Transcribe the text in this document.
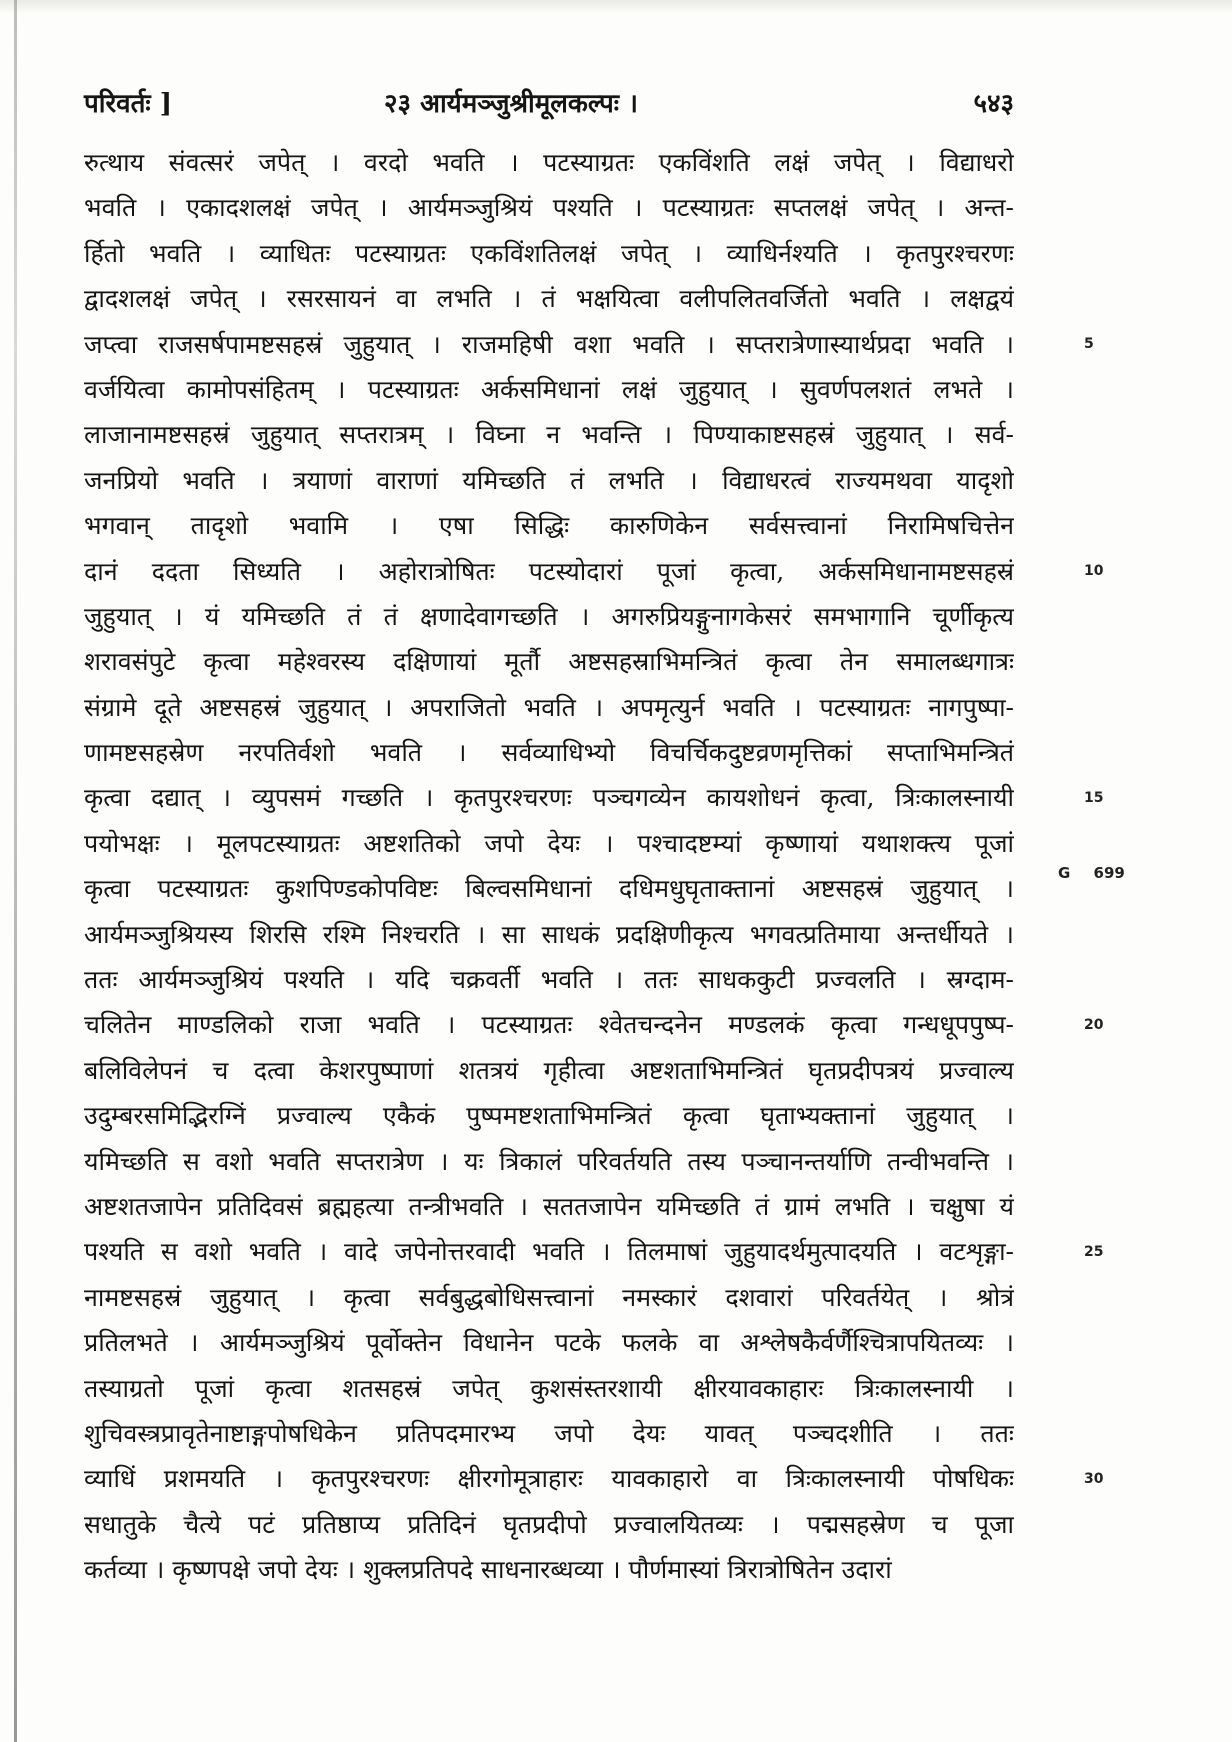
परिवर्तः ]	२३ आर्यमञ्जुश्रीमूलकल्पः ।	५४३
रुत्थाय संवत्सरं जपेत् । वरदो भवति । पटस्याग्रतः एकविंशति लक्षं जपेत् । विद्याधरो
भवति । एकादशलक्षं जपेत् । आर्यमञ्जुश्रियं पश्यति । पटस्याग्रतः सप्तलक्षं जपेत् । अन्त-
र्हितो भवति । व्याधितः पटस्याग्रतः एकविंशतिलक्षं जपेत् । व्याधिर्नश्यति । कृतपुरश्चरणः
द्वादशलक्षं जपेत् । रसरसायनं वा लभति । तं भक्षयित्वा वलीपलितवर्जितो भवति । लक्षद्वयं
जप्त्वा राजसर्षपामष्टसहस्रं जुहुयात् । राजमहिषी वशा भवति । सप्तरात्रेणास्यार्थप्रदा भवति ।
वर्जयित्वा कामोपसंहितम् । पटस्याग्रतः अर्कसमिधानां लक्षं जुहुयात् । सुवर्णपलशतं लभते ।
लाजानामष्टसहस्रं जुहुयात् सप्तरात्रम् । विघ्ना न भवन्ति । पिण्याकाष्टसहस्रं जुहुयात् । सर्व-
जनप्रियो भवति । त्रयाणां वाराणां यमिच्छति तं लभति । विद्याधरत्वं राज्यमथवा यादृशो
भगवान् तादृशो भवामि । एषा सिद्धिः कारुणिकेन सर्वसत्त्वानां निरामिषचित्तेन
दानं ददता सिध्यति । अहोरात्रोषितः पटस्योदारां पूजां कृत्वा, अर्कसमिधानामष्टसहस्रं
जुहुयात् । यं यमिच्छति तं तं क्षणादेवागच्छति । अगरुप्रियङ्गुनागकेसरं समभागानि चूर्णीकृत्य
शरावसंपुटे कृत्वा महेश्वरस्य दक्षिणायां मूर्तौ अष्टसहस्राभिमन्त्रितं कृत्वा तेन समालब्धगात्रः
संग्रामे दूते अष्टसहस्रं जुहुयात् । अपराजितो भवति । अपमृत्युर्न भवति । पटस्याग्रतः नागपुष्पा-
णामष्टसहस्रेण नरपतिर्वशो भवति । सर्वव्याधिभ्यो विचर्चिकदुष्टव्रणमृत्तिकां सप्ताभिमन्त्रितं
कृत्वा दद्यात् । व्युपसमं गच्छति । कृतपुरश्चरणः पञ्चगव्येन कायशोधनं कृत्वा, त्रिःकालस्नायी
पयोभक्षः । मूलपटस्याग्रतः अष्टशतिको जपो देयः । पश्चादष्टम्यां कृष्णायां यथाशक्त्य पूजां
कृत्वा पटस्याग्रतः कुशपिण्डकोपविष्टः बिल्वसमिधानां दधिमधुघृताक्तानां अष्टसहस्रं जुहुयात् ।
आर्यमञ्जुश्रियस्य शिरसि रश्मि निश्चरति । सा साधकं प्रदक्षिणीकृत्य भगवत्प्रतिमाया अन्तर्धीयते ।
ततः आर्यमञ्जुश्रियं पश्यति । यदि चक्रवर्ती भवति । ततः साधककुटी प्रज्वलति । स्रग्दाम-
चलितेन माण्डलिको राजा भवति । पटस्याग्रतः श्वेतचन्दनेन मण्डलकं कृत्वा गन्धधूपपुष्प-
बलिविलेपनं च दत्वा केशरपुष्पाणां शतत्रयं गृहीत्वा अष्टशताभिमन्त्रितं घृतप्रदीपत्रयं प्रज्वाल्य
उदुम्बरसमिद्भिरग्निं प्रज्वाल्य एकैकं पुष्पमष्टशताभिमन्त्रितं कृत्वा घृताभ्यक्तानां जुहुयात् ।
यमिच्छति स वशो भवति सप्तरात्रेण । यः त्रिकालं परिवर्तयति तस्य पञ्चानन्तर्याणि तन्वीभवन्ति ।
अष्टशतजापेन प्रतिदिवसं ब्रह्महत्या तन्त्रीभवति । सततजापेन यमिच्छति तं ग्रामं लभति । चक्षुषा यं
पश्यति स वशो भवति । वादे जपेनोत्तरवादी भवति । तिलमाषां जुहुयादर्थमुत्पादयति । वटशृङ्गा-
नामष्टसहस्रं जुहुयात् । कृत्वा सर्वबुद्धबोधिसत्त्वानां नमस्कारं दशवारां परिवर्तयेत् । श्रोत्रं
प्रतिलभते । आर्यमञ्जुश्रियं पूर्वोक्तेन विधानेन पटके फलके वा अश्लेषकैर्वर्णैश्चित्रापयितव्यः ।
तस्याग्रतो पूजां कृत्वा शतसहस्रं जपेत् कुशसंस्तरशायी क्षीरयावकाहारः त्रिःकालस्नायी ।
शुचिवस्त्रप्रावृतेनाष्टाङ्गपोषधिकेन प्रतिपदमारभ्य जपो देयः यावत् पञ्चदशीति । ततः
व्याधिं प्रशमयति । कृतपुरश्चरणः क्षीरगोमूत्राहारः यावकाहारो वा त्रिःकालस्नायी पोषधिकः
सधातुके चैत्ये पटं प्रतिष्ठाप्य प्रतिदिनं घृतप्रदीपो प्रज्वालयितव्यः । पद्मसहस्रेण च पूजा
कर्तव्या । कृष्णपक्षे जपो देयः । शुक्लप्रतिपदे साधनारब्धव्या । पौर्णमास्यां त्रिरात्रोषितेन उदारां
5
10
15
20
25
30
G 699
